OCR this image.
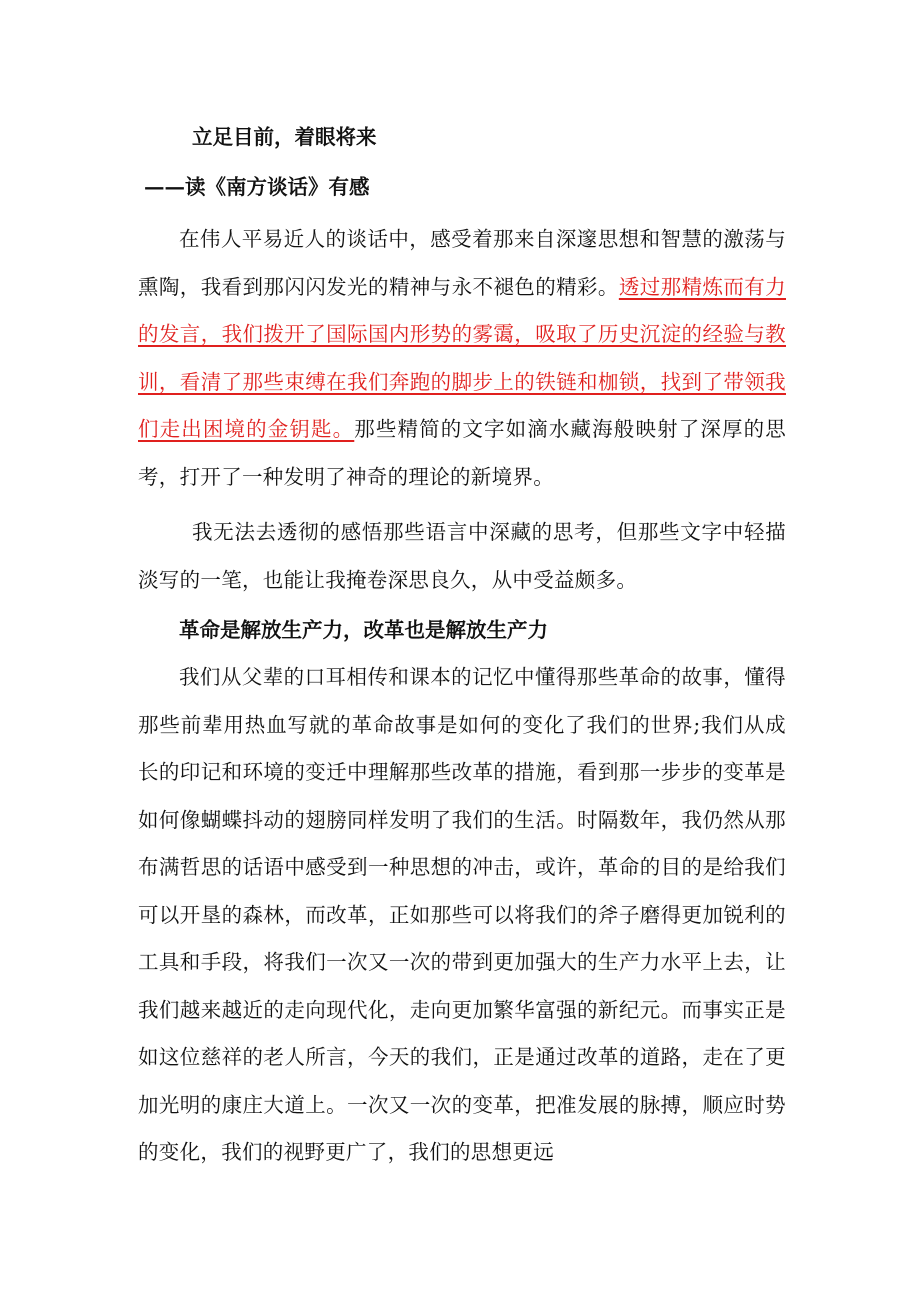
立足目前，着眼将来

——读《南方谈话》有感

在伟人平易近人的谈话中，感受着那来自深邃思想和智慧的激荡与熏陶，我看到那闪闪发光的精神与永不褪色的精彩。透过那精炼而有力的发言，我们拨开了国际国内形势的雾霭，吸取了历史沉淀的经验与教训，看清了那些束缚在我们奔跑的脚步上的铁链和枷锁，找到了带领我们走出困境的金钥匙。那些精简的文字如滴水藏海般映射了深厚的思考，打开了一种发明了神奇的理论的新境界。

我无法去透彻的感悟那些语言中深藏的思考，但那些文字中轻描淡写的一笔，也能让我掩卷深思良久，从中受益颇多。

革命是解放生产力，改革也是解放生产力

我们从父辈的口耳相传和课本的记忆中懂得那些革命的故事，懂得那些前辈用热血写就的革命故事是如何的变化了我们的世界;我们从成长的印记和环境的变迁中理解那些改革的措施，看到那一步步的变革是如何像蝴蝶抖动的翅膀同样发明了我们的生活。时隔数年，我仍然从那布满哲思的话语中感受到一种思想的冲击，或许，革命的目的是给我们可以开垦的森林，而改革，正如那些可以将我们的斧子磨得更加锐利的工具和手段，将我们一次又一次的带到更加强大的生产力水平上去，让我们越来越近的走向现代化，走向更加繁华富强的新纪元。而事实正是如这位慈祥的老人所言，今天的我们，正是通过改革的道路，走在了更加光明的康庄大道上。一次又一次的变革，把准发展的脉搏，顺应时势的变化，我们的视野更广了，我们的思想更远
